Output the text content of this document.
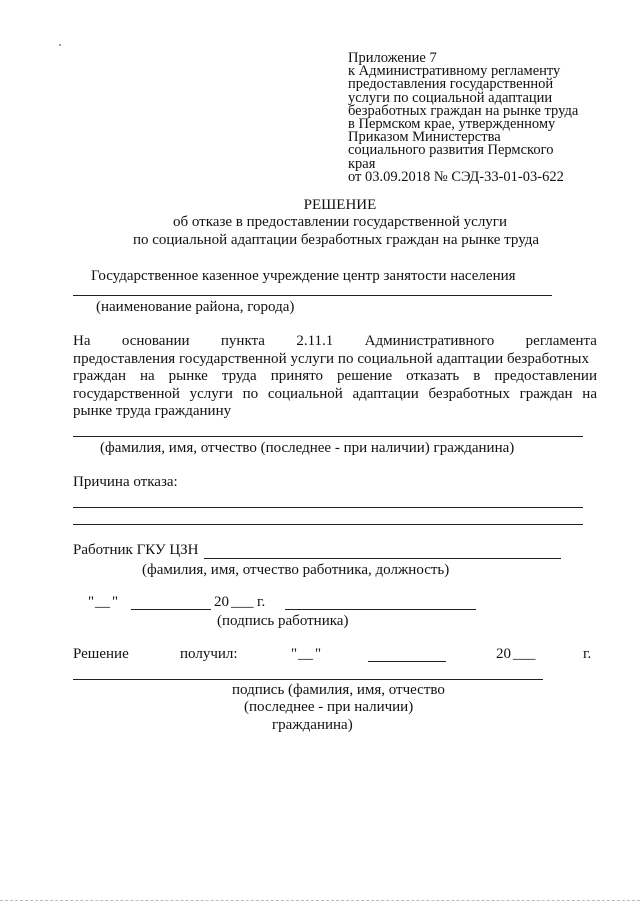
Приложение 7
к Административному регламенту
предоставления государственной
услуги по социальной адаптации
безработных граждан на рынке труда
в Пермском крае, утвержденному
Приказом Министерства
социального развития Пермского
края
от 03.09.2018 № СЭД-33-01-03-622
РЕШЕНИЕ
об отказе в предоставлении государственной услуги
по социальной адаптации безработных граждан на рынке труда
Государственное казенное учреждение центр занятости населения
(наименование района, города)
На основании пункта 2.11.1 Административного регламента
предоставления государственной услуги по социальной адаптации безработных
граждан на рынке труда принято решение отказать в предоставлении
государственной услуги по социальной адаптации безработных граждан на
рынке труда гражданину
(фамилия, имя, отчество (последнее - при наличии) гражданина)
Причина отказа:
Работник ГКУ ЦЗН
(фамилия, имя, отчество работника, должность)
" __ "	20 ___ г.
(подпись работника)
Решение	получил:	" __ "	20 ___	г.
подпись (фамилия, имя, отчество
(последнее - при наличии)
гражданина)
